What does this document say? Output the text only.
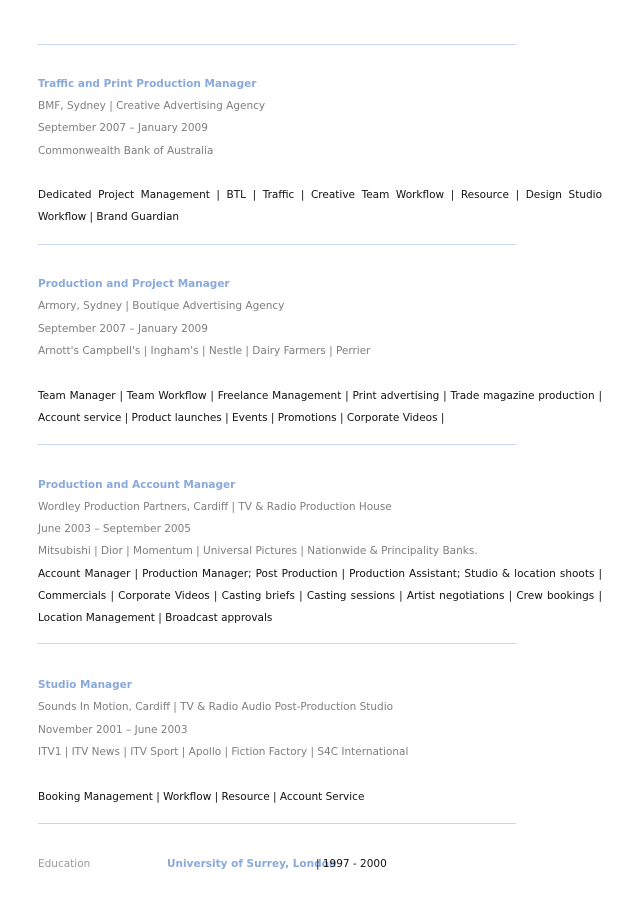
Traffic and Print Production Manager
BMF, Sydney | Creative Advertising Agency
September 2007 – January 2009
Commonwealth Bank of Australia
Dedicated Project Management | BTL | Traffic | Creative Team Workflow | Resource | Design Studio Workflow | Brand Guardian
Production and Project Manager
Armory, Sydney | Boutique Advertising Agency
September 2007 – January 2009
Arnott's Campbell's | Ingham's | Nestle | Dairy Farmers | Perrier
Team Manager | Team Workflow | Freelance Management | Print advertising | Trade magazine production | Account service | Product launches | Events | Promotions | Corporate Videos |
Production and Account Manager
Wordley Production Partners, Cardiff | TV & Radio Production House
June 2003 – September 2005
Mitsubishi | Dior | Momentum | Universal Pictures | Nationwide & Principality Banks.
Account Manager | Production Manager; Post Production | Production Assistant; Studio & location shoots | Commercials | Corporate Videos | Casting briefs | Casting sessions | Artist negotiations | Crew bookings | Location Management | Broadcast approvals
Studio Manager
Sounds In Motion, Cardiff | TV & Radio Audio Post-Production Studio
November 2001 – June 2003
ITV1 | ITV News | ITV Sport | Apollo | Fiction Factory | S4C International
Booking Management | Workflow | Resource | Account Service
Education	University of Surrey, London
| 1997 - 2000
